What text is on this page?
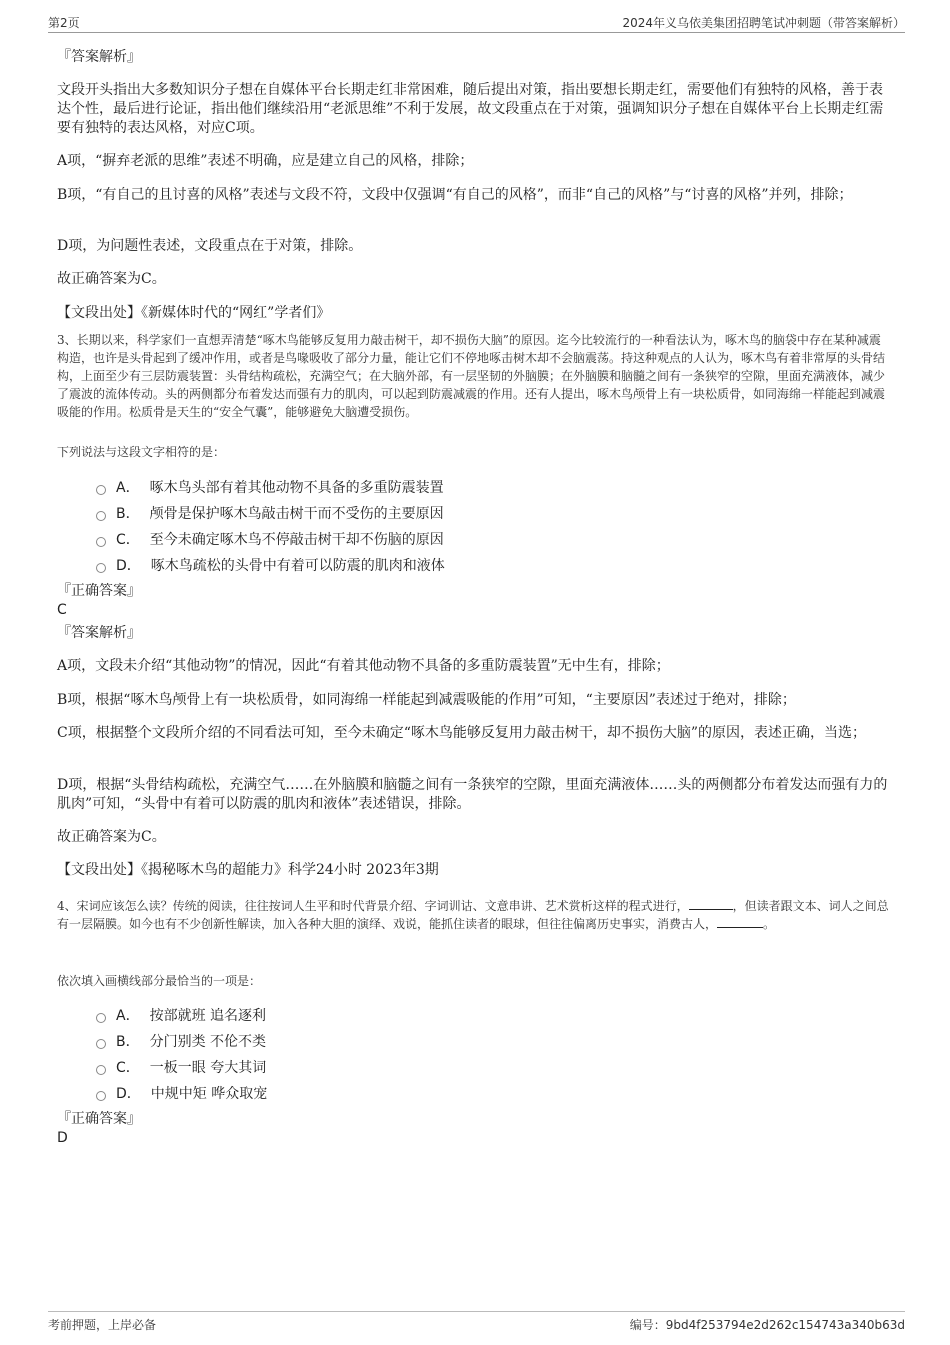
第2页	2024年义乌依美集团招聘笔试冲刺题（带答案解析）

『答案解析』

文段开头指出大多数知识分子想在自媒体平台长期走红非常困难，随后提出对策，指出要想长期走红，需要他们有独特的风格，善于表达个性，最后进行论证，指出他们继续沿用“老派思维”不利于发展，故文段重点在于对策，强调知识分子想在自媒体平台上长期走红需要有独特的表达风格，对应C项。

A项，“摒弃老派的思维”表述不明确，应是建立自己的风格，排除；

B项，“有自己的且讨喜的风格”表述与文段不符，文段中仅强调“有自己的风格”，而非“自己的风格”与“讨喜的风格”并列，排除；

D项，为问题性表述，文段重点在于对策，排除。

故正确答案为C。

【文段出处】《新媒体时代的“网红”学者们》

3、长期以来，科学家们一直想弄清楚“啄木鸟能够反复用力敲击树干，却不损伤大脑”的原因。迄今比较流行的一种看法认为，啄木鸟的脑袋中存在某种减震构造，也许是头骨起到了缓冲作用，或者是鸟喙吸收了部分力量，能让它们不停地啄击树木却不会脑震荡。持这种观点的人认为，啄木鸟有着非常厚的头骨结构，上面至少有三层防震装置：头骨结构疏松，充满空气；在大脑外部，有一层坚韧的外脑膜；在外脑膜和脑髓之间有一条狭窄的空隙，里面充满液体，减少了震波的流体传动。头的两侧都分布着发达而强有力的肌肉，可以起到防震减震的作用。还有人提出，啄木鸟颅骨上有一块松质骨，如同海绵一样能起到减震吸能的作用。松质骨是天生的“安全气囊”，能够避免大脑遭受损伤。

下列说法与这段文字相符的是：

A． 啄木鸟头部有着其他动物不具备的多重防震装置
B． 颅骨是保护啄木鸟敲击树干而不受伤的主要原因
C． 至今未确定啄木鸟不停敲击树干却不伤脑的原因
D． 啄木鸟疏松的头骨中有着可以防震的肌肉和液体

『正确答案』

C

『答案解析』

A项，文段未介绍“其他动物”的情况，因此“有着其他动物不具备的多重防震装置”无中生有，排除；

B项，根据“啄木鸟颅骨上有一块松质骨，如同海绵一样能起到减震吸能的作用”可知，“主要原因”表述过于绝对，排除；

C项，根据整个文段所介绍的不同看法可知，至今未确定“啄木鸟能够反复用力敲击树干，却不损伤大脑”的原因，表述正确，当选；

D项，根据“头骨结构疏松，充满空气……在外脑膜和脑髓之间有一条狭窄的空隙，里面充满液体……头的两侧都分布着发达而强有力的肌肉”可知，“头骨中有着可以防震的肌肉和液体”表述错误，排除。

故正确答案为C。

【文段出处】《揭秘啄木鸟的超能力》科学24小时 2023年3期

4、宋词应该怎么读？传统的阅读，往往按词人生平和时代背景介绍、字词训诂、文意串讲、艺术赏析这样的程式进行，	，但读者跟文本、词人之间总有一层隔膜。如今也有不少创新性解读，加入各种大胆的演绎、戏说，能抓住读者的眼球，但往往偏离历史事实，消费古人，	。

依次填入画横线部分最恰当的一项是：

A． 按部就班 追名逐利
B． 分门别类 不伦不类
C． 一板一眼 夸大其词
D． 中规中矩 哗众取宠

『正确答案』

D

考前押题，上岸必备	编号：9bd4f253794e2d262c154743a340b63d
